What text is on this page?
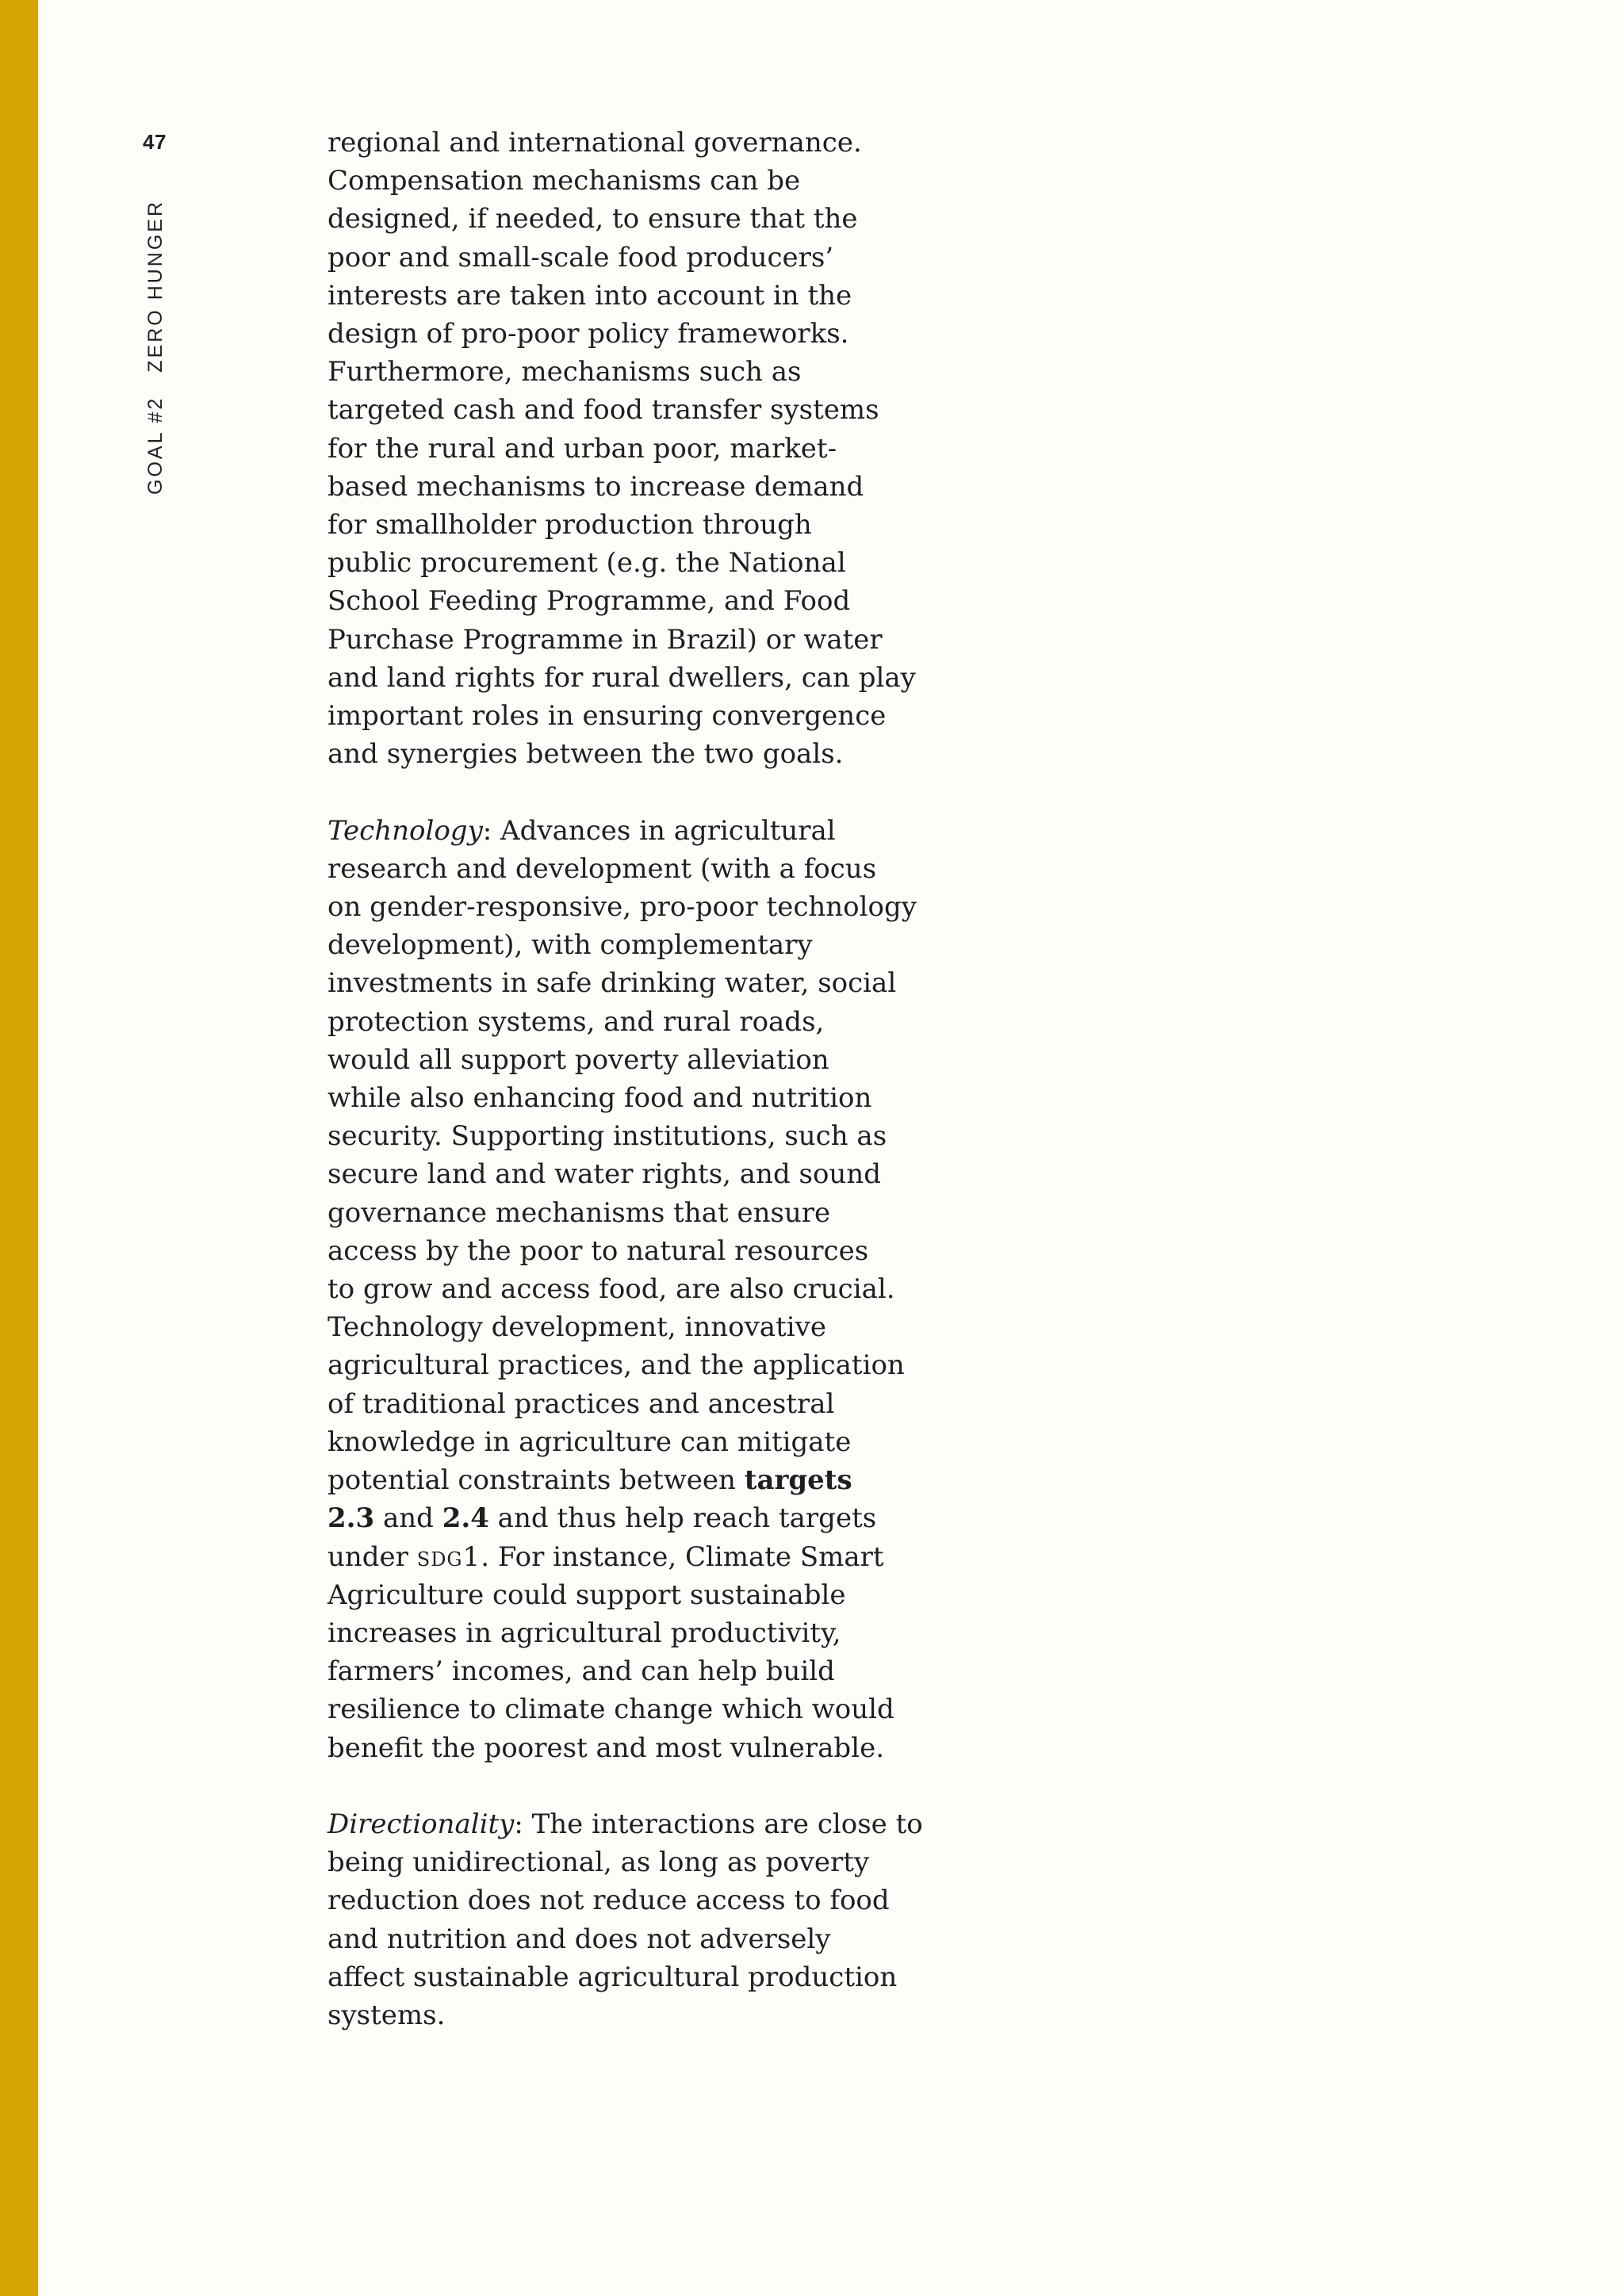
47
GOAL #2ZERO HUNGER

regional and international governance.
Compensation mechanisms can be
designed, if needed, to ensure that the
poor and small-scale food producers’
interests are taken into account in the
design of pro-poor policy frameworks.
Furthermore, mechanisms such as
targeted cash and food transfer systems
for the rural and urban poor, market-
based mechanisms to increase demand
for smallholder production through
public procurement (e.g. the National
School Feeding Programme, and Food
Purchase Programme in Brazil) or water
and land rights for rural dwellers, can play
important roles in ensuring convergence
and synergies between the two goals.

Technology: Advances in agricultural
research and development (with a focus
on gender-responsive, pro-poor technology
development), with complementary
investments in safe drinking water, social
protection systems, and rural roads,
would all support poverty alleviation
while also enhancing food and nutrition
security. Supporting institutions, such as
secure land and water rights, and sound
governance mechanisms that ensure
access by the poor to natural resources
to grow and access food, are also crucial.
Technology development, innovative
agricultural practices, and the application
of traditional practices and ancestral
knowledge in agriculture can mitigate
potential constraints between targets
2.3 and 2.4 and thus help reach targets
under sdg1. For instance, Climate Smart
Agriculture could support sustainable
increases in agricultural productivity,
farmers’ incomes, and can help build
resilience to climate change which would
benefit the poorest and most vulnerable.

Directionality: The interactions are close to
being unidirectional, as long as poverty
reduction does not reduce access to food
and nutrition and does not adversely
affect sustainable agricultural production
systems.
